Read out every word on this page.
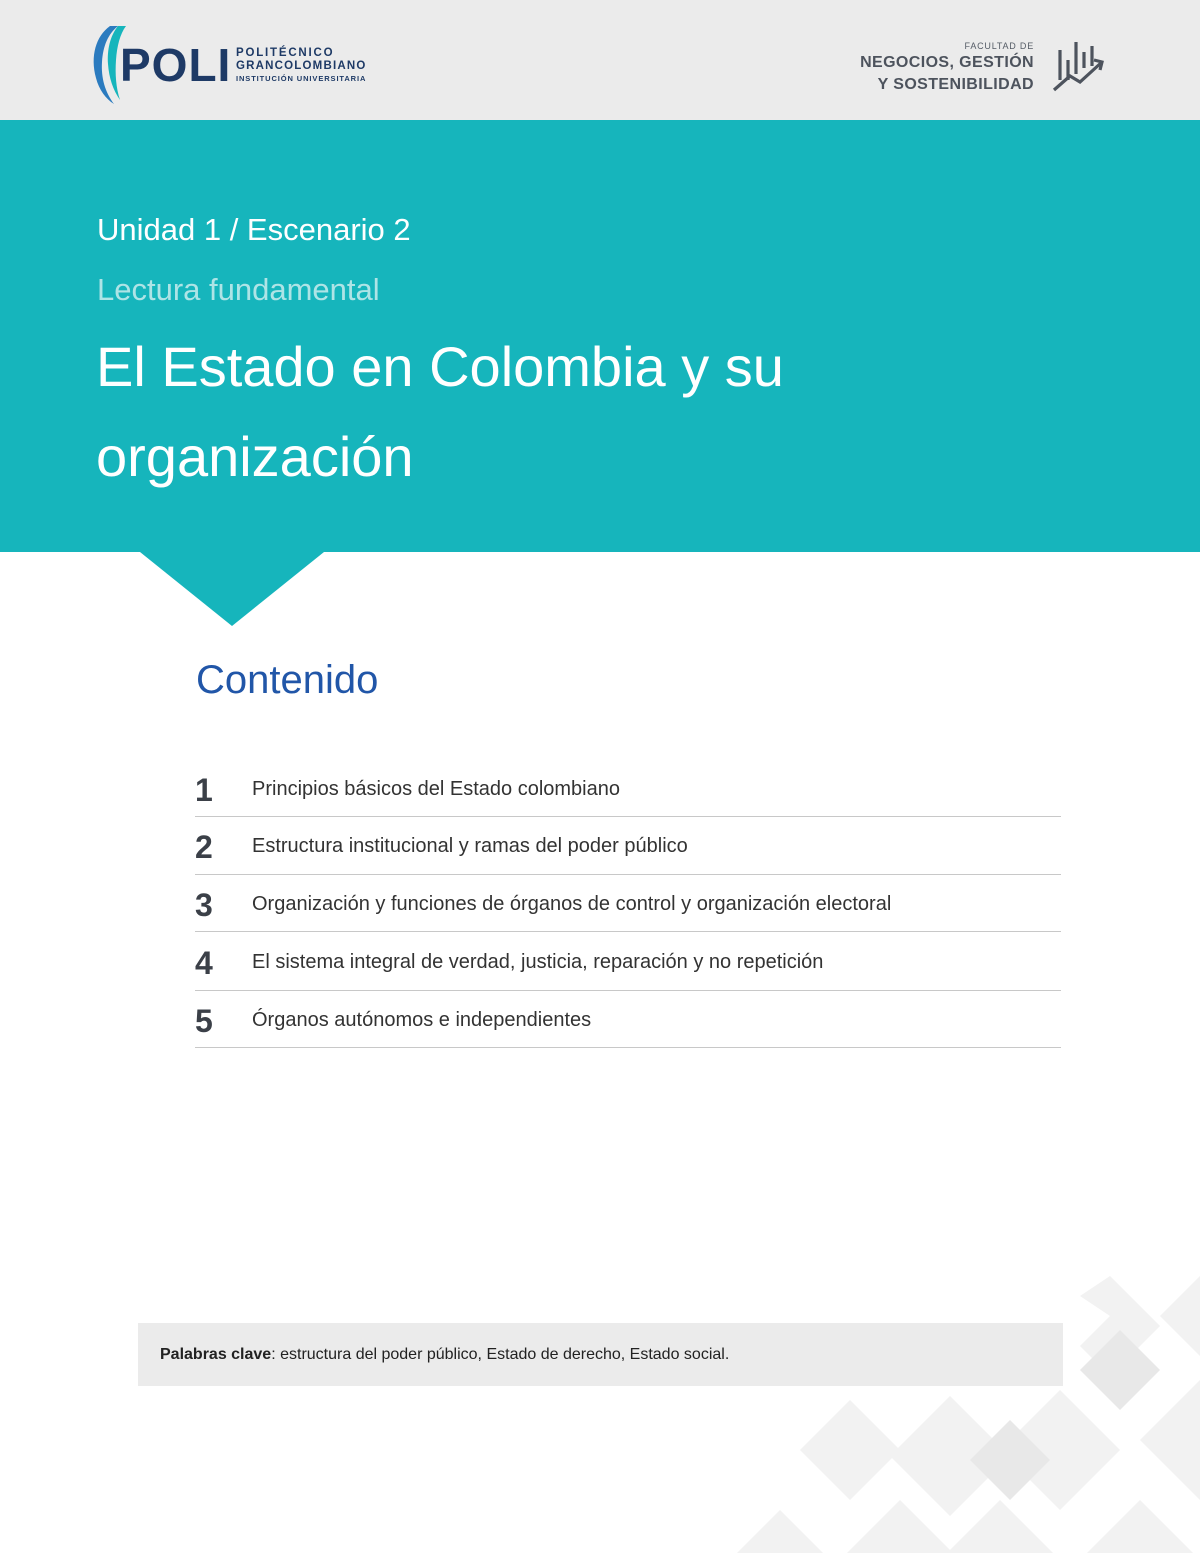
POLI POLITÉCNICO
GRANCOLOMBIANO
INSTITUCIÓN UNIVERSITARIA
FACULTAD DE
NEGOCIOS, GESTIÓN
Y SOSTENIBILIDAD
Unidad 1 / Escenario 2
Lectura fundamental
El Estado en Colombia y su organización
Contenido
1	Principios básicos del Estado colombiano
2	Estructura institucional y ramas del poder público
3	Organización y funciones de órganos de control y organización electoral
4	El sistema integral de verdad, justicia, reparación y no repetición
5	Órganos autónomos e independientes
Palabras clave: estructura del poder público, Estado de derecho, Estado social.
